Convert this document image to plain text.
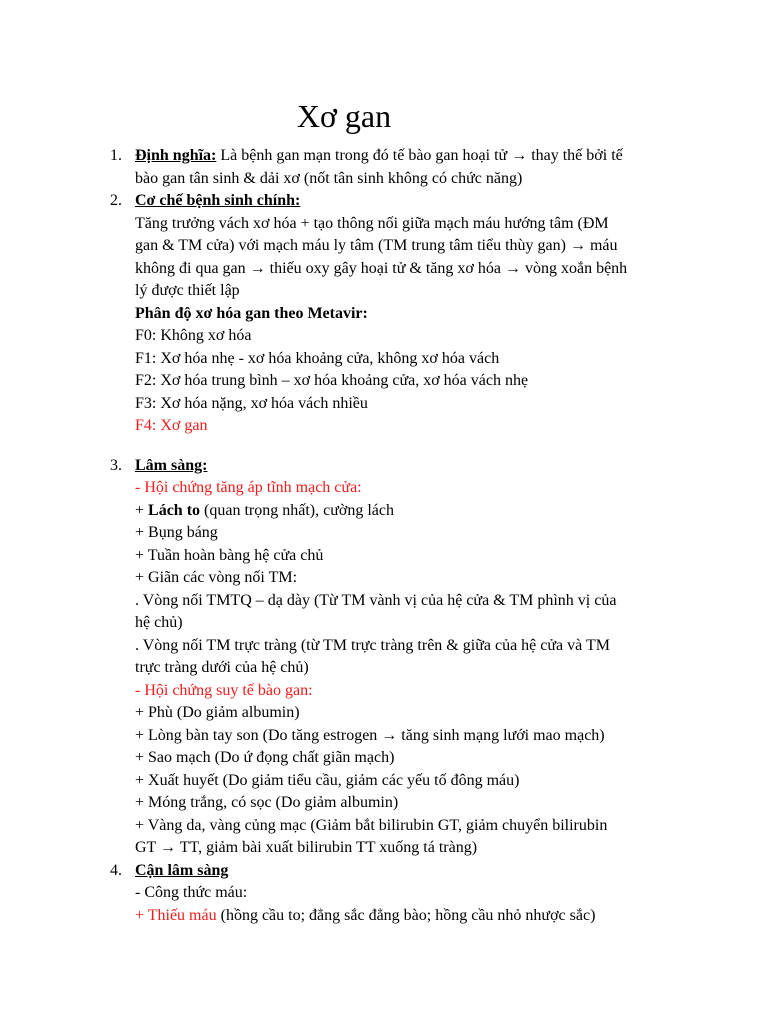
Xơ gan
1. Định nghĩa: Là bệnh gan mạn trong đó tế bào gan hoại tử → thay thế bởi tế
bào gan tân sinh & dải xơ (nốt tân sinh không có chức năng)
2. Cơ chế bệnh sinh chính:
Tăng trưởng vách xơ hóa + tạo thông nối giữa mạch máu hướng tâm (ĐM
gan & TM cửa) với mạch máu ly tâm (TM trung tâm tiểu thùy gan) → máu
không đi qua gan → thiếu oxy gây hoại tử & tăng xơ hóa → vòng xoắn bệnh
lý được thiết lập
Phân độ xơ hóa gan theo Metavir:
F0: Không xơ hóa
F1: Xơ hóa nhẹ - xơ hóa khoảng cửa, không xơ hóa vách
F2: Xơ hóa trung bình – xơ hóa khoảng cửa, xơ hóa vách nhẹ
F3: Xơ hóa nặng, xơ hóa vách nhiều
F4: Xơ gan
3. Lâm sàng:
- Hội chứng tăng áp tĩnh mạch cửa:
+ Lách to (quan trọng nhất), cường lách
+ Bụng báng
+ Tuần hoàn bàng hệ cửa chủ
+ Giãn các vòng nối TM:
. Vòng nối TMTQ – dạ dày (Từ TM vành vị của hệ cửa & TM phình vị của
hệ chủ)
. Vòng nối TM trực tràng (từ TM trực tràng trên & giữa của hệ cửa và TM
trực tràng dưới của hệ chủ)
- Hội chứng suy tế bào gan:
+ Phù (Do giảm albumin)
+ Lòng bàn tay son (Do tăng estrogen → tăng sinh mạng lưới mao mạch)
+ Sao mạch (Do ứ đọng chất giãn mạch)
+ Xuất huyết (Do giảm tiểu cầu, giảm các yếu tố đông máu)
+ Móng trắng, có sọc (Do giảm albumin)
+ Vàng da, vàng củng mạc (Giảm bắt bilirubin GT, giảm chuyển bilirubin
GT → TT, giảm bài xuất bilirubin TT xuống tá tràng)
4. Cận lâm sàng
- Công thức máu:
+ Thiếu máu (hồng cầu to; đẳng sắc đẳng bào; hồng cầu nhỏ nhược sắc)
